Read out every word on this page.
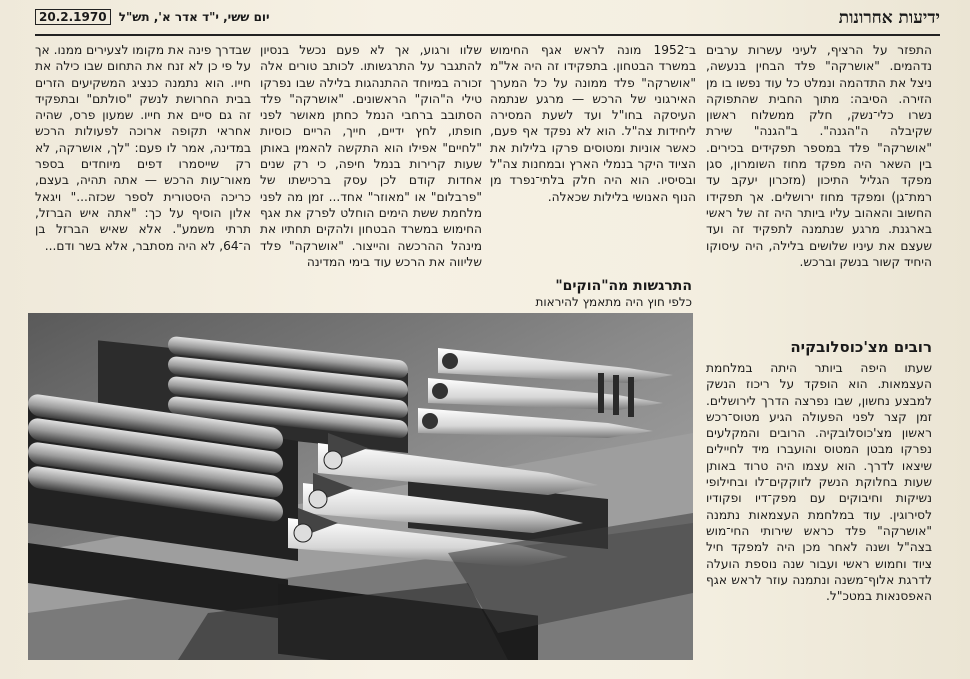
ידיעות אחרונות
יום ששי, י"ד אדר א', תש"ל 20.2.1970

התפזר על הרציף, לעיני עשרות ערבים נדהמים. "אושרקה" פלד הבחין בנעשה, ניצל את התדהמה ונמלט כל עוד נפשו בו מן הזירה. הסיבה: מתוך החבית שהתפוקה נשרו כלי־נשק, חלק ממשלוח ראשון שקיבלה ה"הגנה". ב"הגנה" שירת "אושרקה" פלד במספר תפקידים בכירים. בין השאר היה מפקד מחוז השומרון, סגן מפקד הגליל התיכון (מזכרון יעקב עד רמת־גן) ומפקד מחוז ירושלים. אך תפקידו החשוב והאהוב עליו ביותר היה זה של ראשי בארגנת. מרגע שנתמנה לתפקיד זה ועד שעצם את עיניו שלושים בלילה, היה עיסוקו היחיד קשור בנשק וברכש.

ב־1952 מונה לראש אגף החימוש במשרד הבטחון. בתפקידו זה היה אל"מ "אושרקה" פלד ממונה על כל המערך האירגוני של הרכש — מרגע שנתמה העיסקה בחו"ל ועד לשעת המסירה ליחידות צה"ל. הוא לא נפקד אף פעם, כאשר אוניות ומטוסים פרקו בלילות את הציוד היקר בנמלי הארץ ובמחנות צה"ל ובסיסיו. הוא היה חלק בלתי־נפרד מן הנוף האנושי בלילות שכאלה.

התרגשות מה"הוקים"
כלפי חוץ היה מתאמץ להיראות

שלוו ורגוע, אך לא פעם נכשל בנסיון להתגבר על התרגשותו. לכותב טורים אלה זכורה במיוחד ההתנהגות בלילה שבו נפרקו טילי ה"הוק" הראשונים. "אושרקה" פלד הסתובב ברחבי הנמל כחתן מאושר לפני חופתו, לחץ ידיים, חייך, הריים כוסיות "לחיים" אפילו הוא התקשה להאמין באותן שעות קרירות בנמל חיפה, כי רק שנים אחדות קודם לכן עסק ברכישתו של "פרבלום" או "מאוזר" אחד... זמן מה לפני מלחמת ששת הימים הוחלט לפרק את אגף החימוש במשרד הבטחון ולהקים תחתיו את מינהל ההרכשה והייצור. "אושרקה" פלד שליווה את הרכש עוד בימי המדינה

שבדרך פינה את מקומו לצעירים ממנו. אך על פי כן לא זנח את התחום שבו כילה את חייו. הוא נתמנה כנציג המשקיעים הזרים בבית החרושת לנשק "סולתם" ובתפקיד זה גם סיים את חייו. שמעון פרס, שהיה אחראי תקופה ארוכה לפעולות הרכש במדינה, אמר לו פעם: "לך, אושרקה, לא רק שייסמרו דפים מיוחדים בספר מאור־עות הרכש — אתה תהיה, בעצם, כריכה היסטורית לספר שכזה..." ויגאל אלון הוסיף על כך: "אתה איש הברזל, תרתי משמע". אלא שאיש הברזל בן ה־64, לא היה מסתבר, אלא בשר ודם...

רובים מצ'כוסלובקיה

שעתו היפה ביותר היתה במלחמת העצמאות. הוא הופקד על ריכוז הנשק למבצע נחשון, שבו נפרצה הדרך לירושלים. זמן קצר לפני הפעולה הגיע מטוס־רכש ראשון מצ'כוסלובקיה. הרובים והמקלעים נפרקו מבטן המטוס והועברו מיד לחיילים שיצאו לדרך. הוא עצמו היה טרוד באותן שעות בחלוקת הנשק לזוקקים־לו ובחילופי נשיקות וחיבוקים עם מפק־דיו ופקודיו לסירוגין. עוד במלחמת העצמאות נתמנה "אושרקה" פלד כראש שירותי החי־מוש בצה"ל ושנה לאחר מכן היה למפקד חיל ציוד וחמוש ראשי ועבור שנה נוספת הועלה לדרגת אלוף־משנה ונתמנה עוזר לראש אגף האפסנאות במטכ"ל.
